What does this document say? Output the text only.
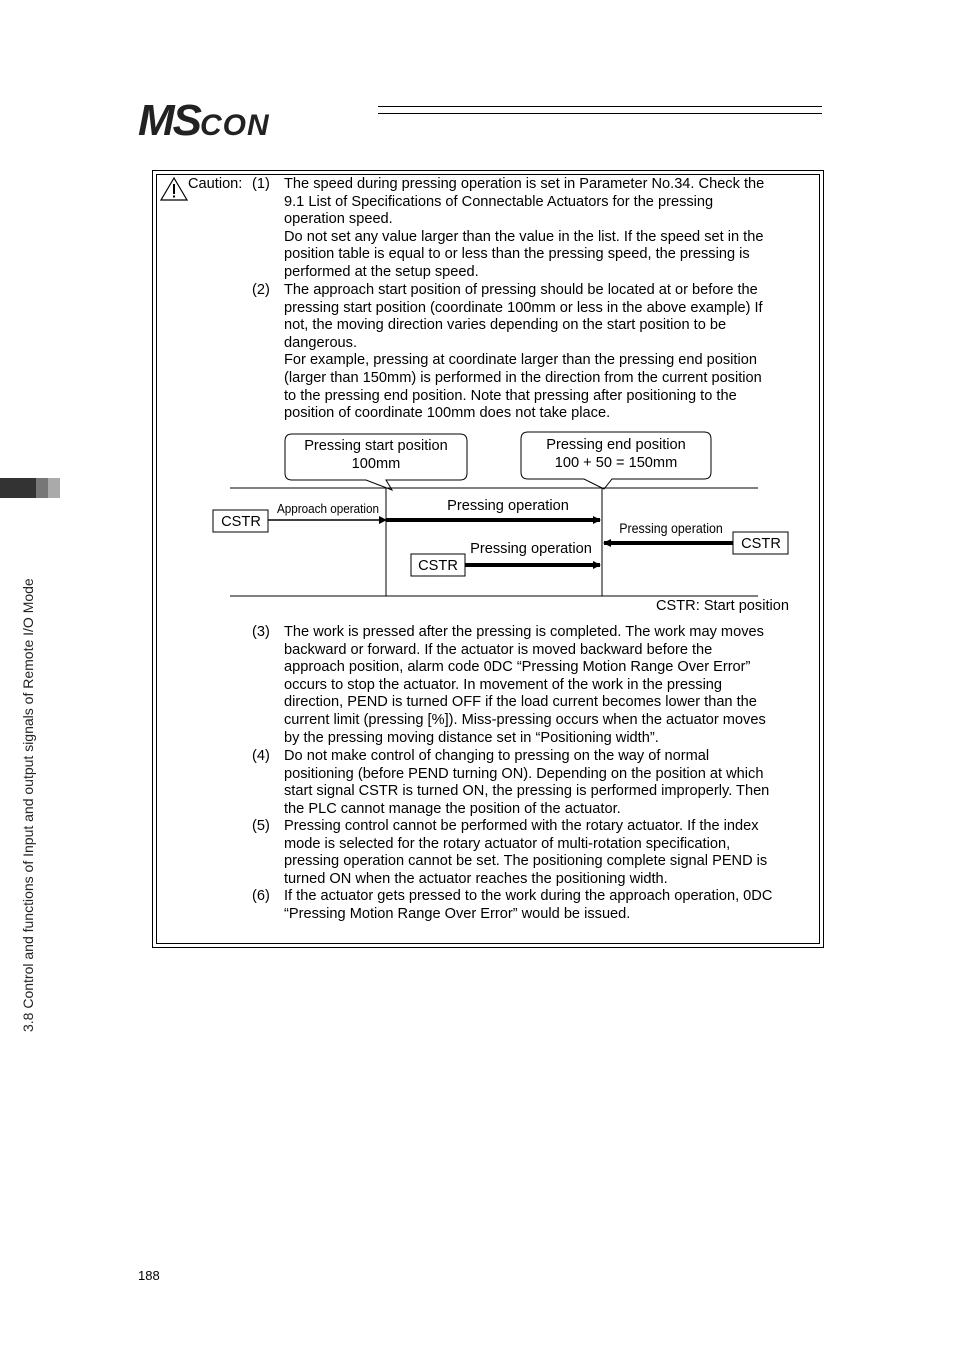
MSCON
3.8 Control and functions of Input and output signals of Remote I/O Mode
Caution: (1) The speed during pressing operation is set in Parameter No.34. Check the
9.1 List of Specifications of Connectable Actuators for the pressing
operation speed.
Do not set any value larger than the value in the list. If the speed set in the
position table is equal to or less than the pressing speed, the pressing is
performed at the setup speed.
(2) The approach start position of pressing should be located at or before the
pressing start position (coordinate 100mm or less in the above example) If
not, the moving direction varies depending on the start position to be
dangerous.
For example, pressing at coordinate larger than the pressing end position
(larger than 150mm) is performed in the direction from the current position
to the pressing end position. Note that pressing after positioning to the
position of coordinate 100mm does not take place.
Pressing start position
100mm
Pressing end position
100 + 50 = 150mm
CSTR
Approach operation	Pressing operation
CSTR
Pressing operation
CSTR
Pressing operation
CSTR: Start position
(3) The work is pressed after the pressing is completed. The work may moves
backward or forward. If the actuator is moved backward before the
approach position, alarm code 0DC “Pressing Motion Range Over Error”
occurs to stop the actuator. In movement of the work in the pressing
direction, PEND is turned OFF if the load current becomes lower than the
current limit (pressing [%]). Miss-pressing occurs when the actuator moves
by the pressing moving distance set in “Positioning width”.
(4) Do not make control of changing to pressing on the way of normal
positioning (before PEND turning ON). Depending on the position at which
start signal CSTR is turned ON, the pressing is performed improperly. Then
the PLC cannot manage the position of the actuator.
(5) Pressing control cannot be performed with the rotary actuator. If the index
mode is selected for the rotary actuator of multi-rotation specification,
pressing operation cannot be set. The positioning complete signal PEND is
turned ON when the actuator reaches the positioning width.
(6) If the actuator gets pressed to the work during the approach operation, 0DC
“Pressing Motion Range Over Error” would be issued.
188
